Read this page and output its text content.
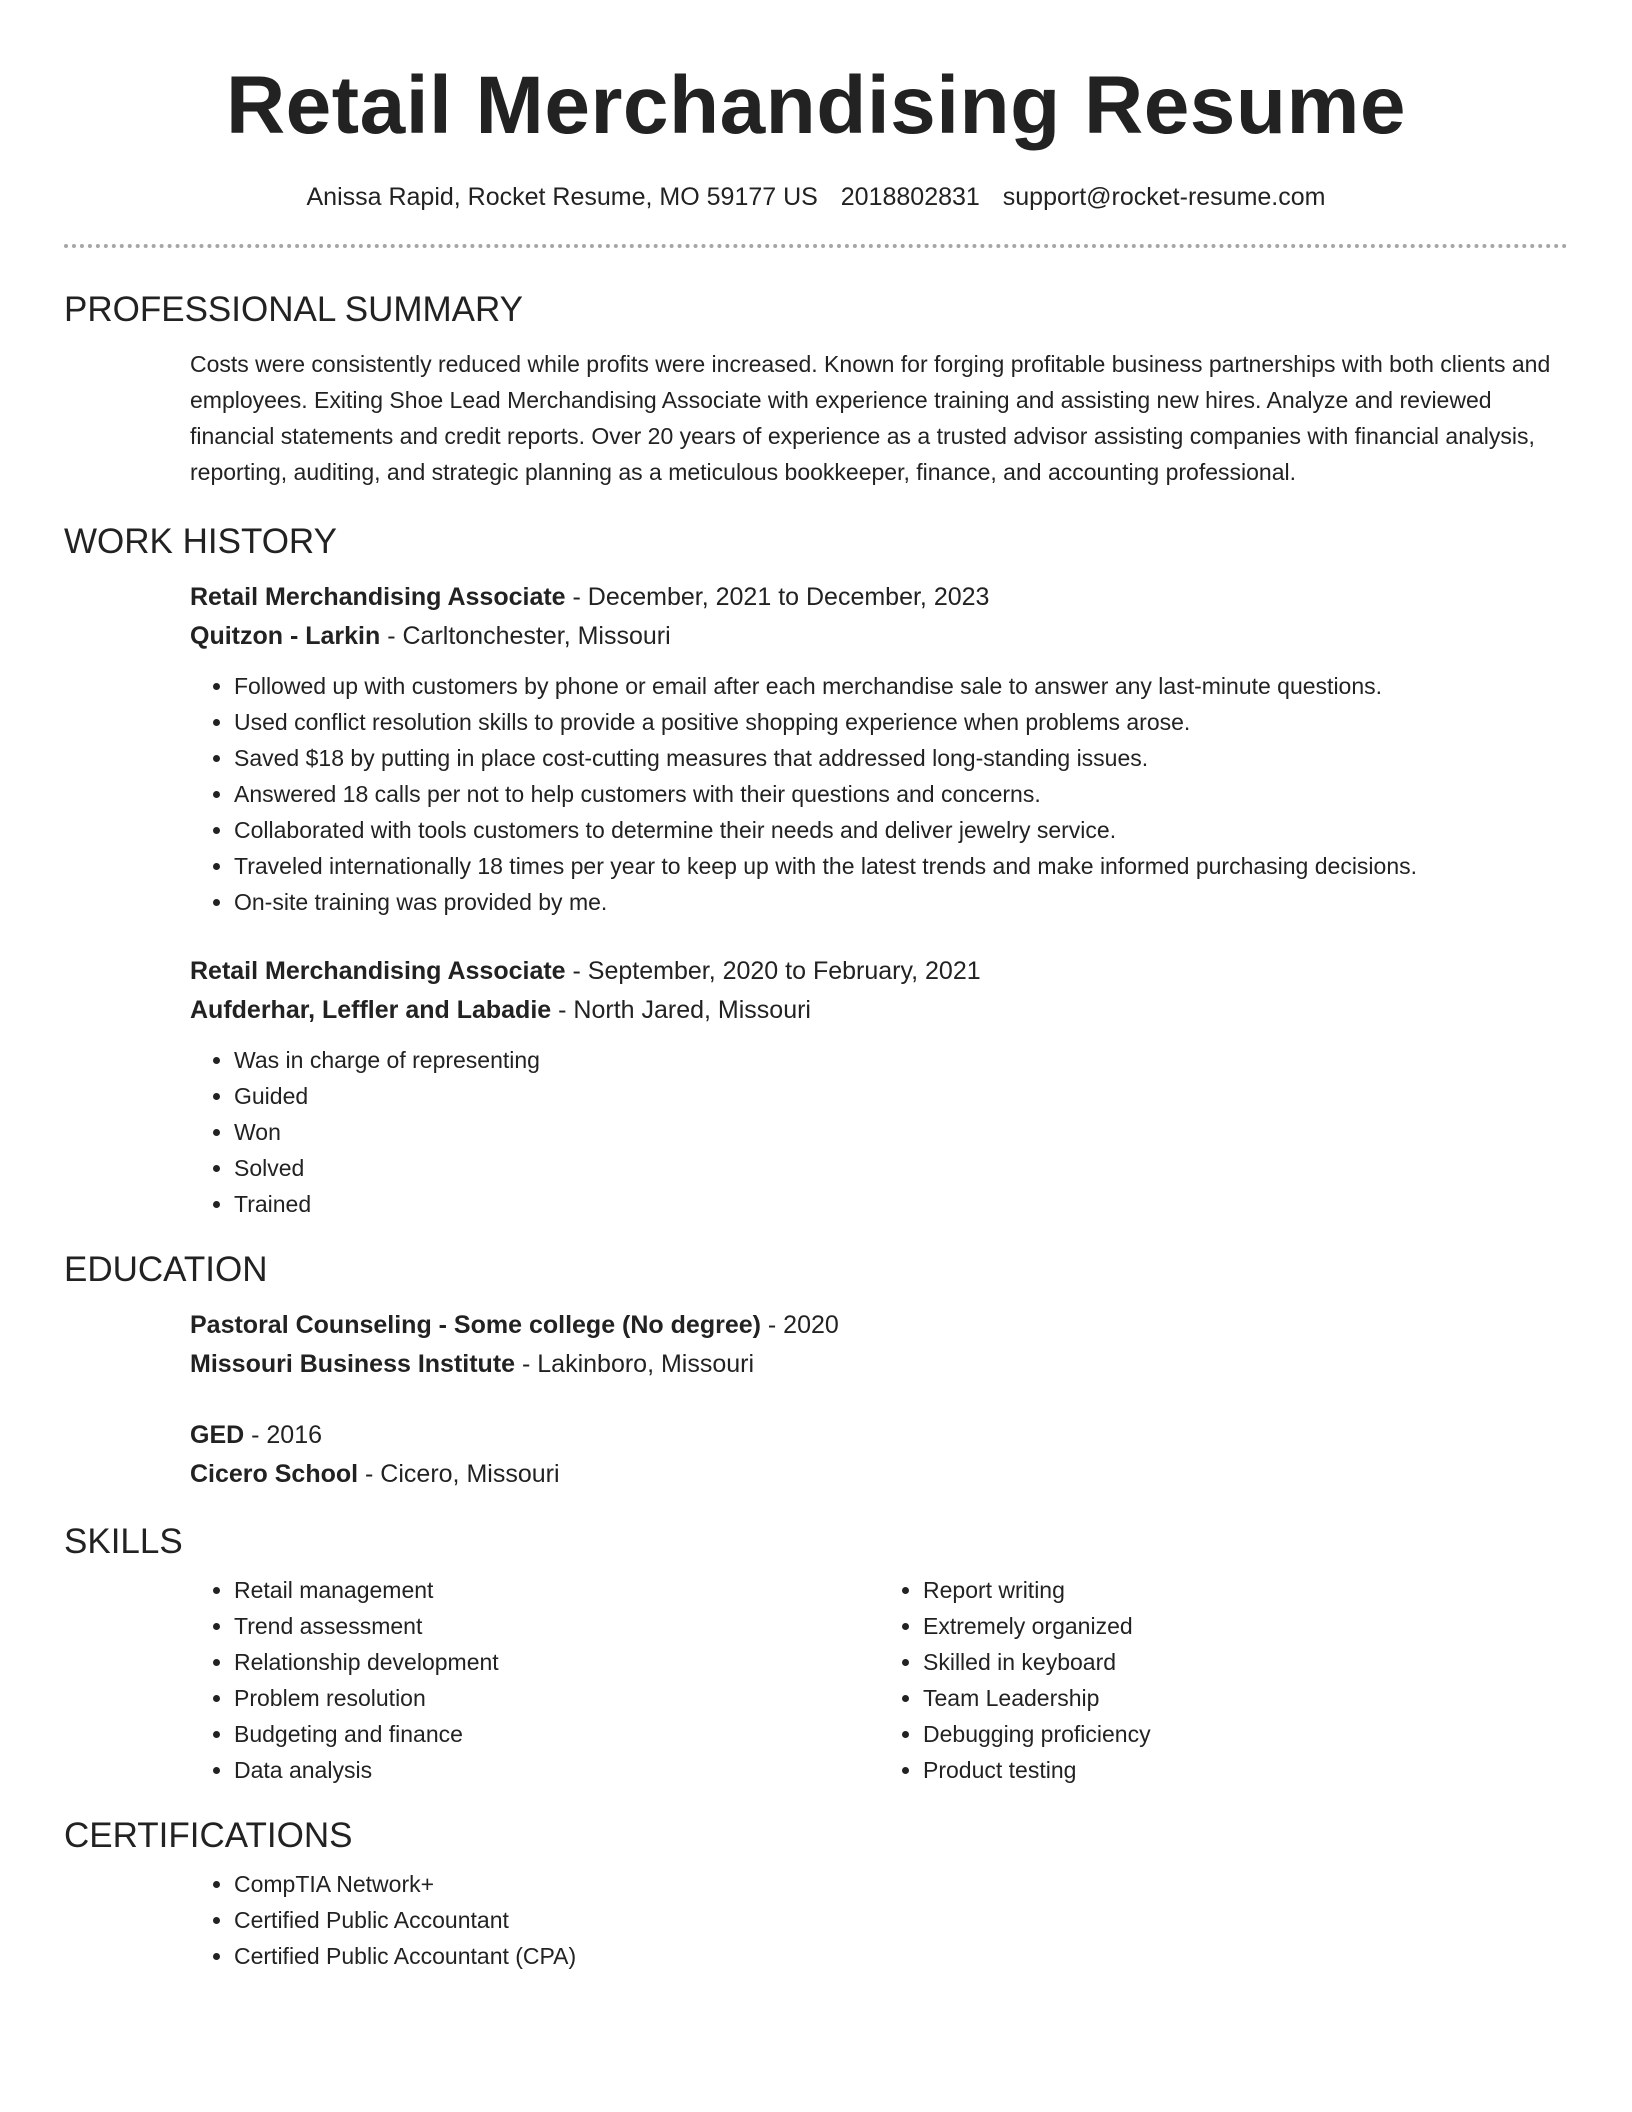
Retail Merchandising Resume
Anissa Rapid, Rocket Resume, MO 59177 US 2018802831 support@rocket-resume.com
PROFESSIONAL SUMMARY

Costs were consistently reduced while profits were increased. Known for forging profitable business partnerships with both clients and employees. Exiting Shoe Lead Merchandising Associate with experience training and assisting new hires. Analyze and reviewed financial statements and credit reports. Over 20 years of experience as a trusted advisor assisting companies with financial analysis, reporting, auditing, and strategic planning as a meticulous bookkeeper, finance, and accounting professional.

WORK HISTORY
Retail Merchandising Associate - December, 2021 to December, 2023
Quitzon - Larkin - Carltonchester, Missouri
• Followed up with customers by phone or email after each merchandise sale to answer any last-minute questions.
• Used conflict resolution skills to provide a positive shopping experience when problems arose.
• Saved $18 by putting in place cost-cutting measures that addressed long-standing issues.
• Answered 18 calls per not to help customers with their questions and concerns.
• Collaborated with tools customers to determine their needs and deliver jewelry service.
• Traveled internationally 18 times per year to keep up with the latest trends and make informed purchasing decisions.
• On-site training was provided by me.
Retail Merchandising Associate - September, 2020 to February, 2021
Aufderhar, Leffler and Labadie - North Jared, Missouri
• Was in charge of representing
• Guided
• Won
• Solved
• Trained
EDUCATION
Pastoral Counseling - Some college (No degree) - 2020
Missouri Business Institute - Lakinboro, Missouri
GED - 2016
Cicero School - Cicero, Missouri
SKILLS
• Retail management
• Trend assessment
• Relationship development
• Problem resolution
• Budgeting and finance
• Data analysis
• Report writing
• Extremely organized
• Skilled in keyboard
• Team Leadership
• Debugging proficiency
• Product testing
CERTIFICATIONS
• CompTIA Network+
• Certified Public Accountant
• Certified Public Accountant (CPA)
